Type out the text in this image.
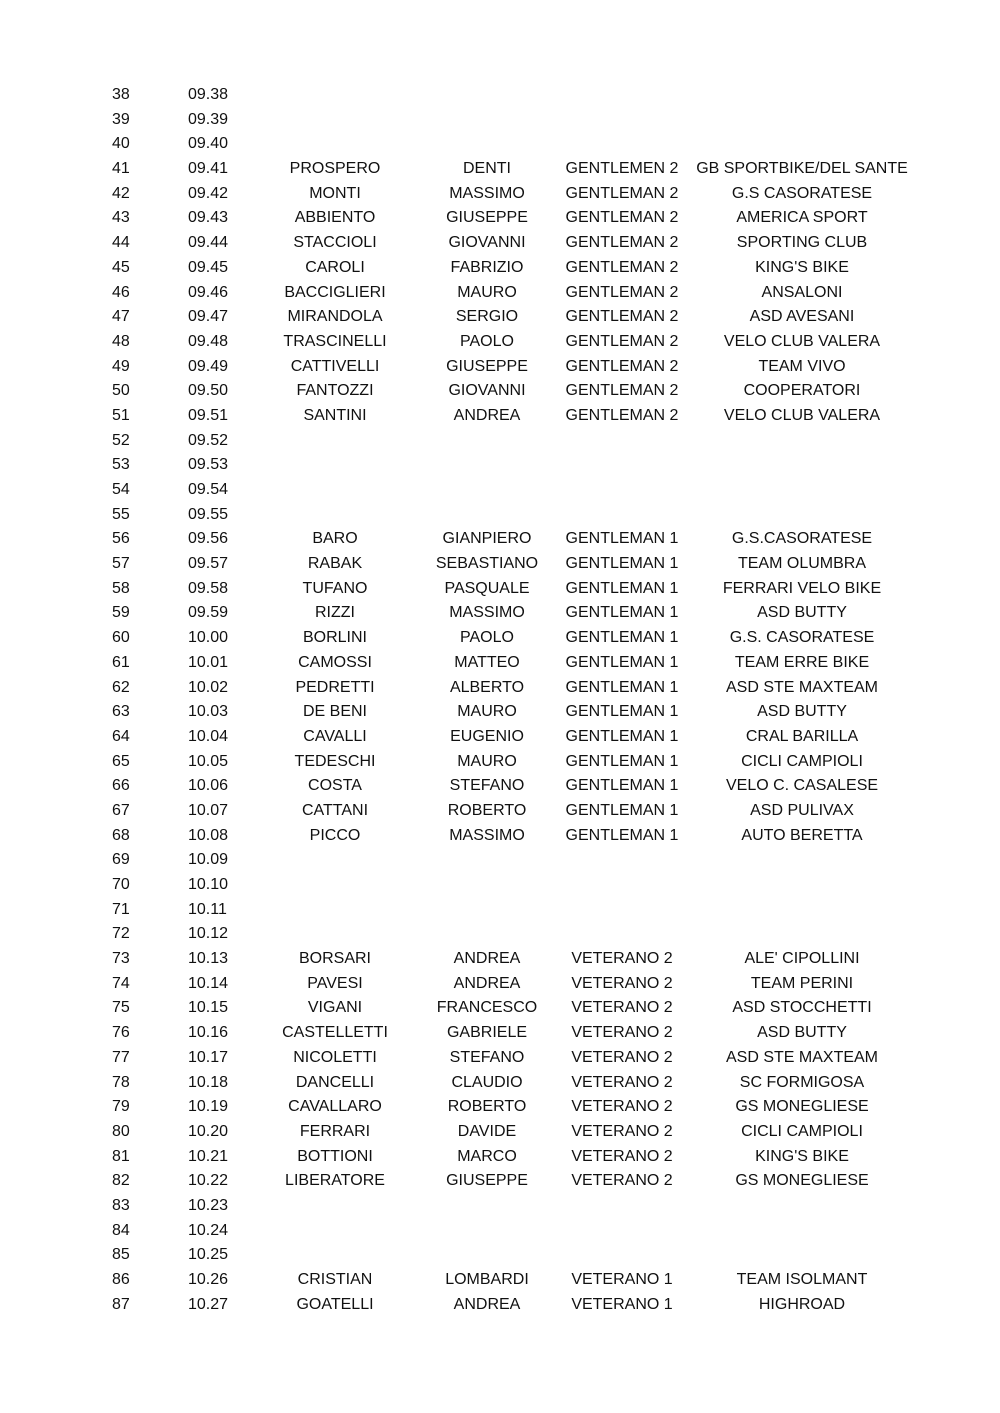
38	09.38
39	09.39
40	09.40
41	09.41	PROSPERO	DENTI	GENTLEMEN 2	GB SPORTBIKE/DEL SANTE
42	09.42	MONTI	MASSIMO	GENTLEMAN 2	G.S CASORATESE
43	09.43	ABBIENTO	GIUSEPPE	GENTLEMAN 2	AMERICA SPORT
44	09.44	STACCIOLI	GIOVANNI	GENTLEMAN 2	SPORTING CLUB
45	09.45	CAROLI	FABRIZIO	GENTLEMAN 2	KING'S BIKE
46	09.46	BACCIGLIERI	MAURO	GENTLEMAN 2	ANSALONI
47	09.47	MIRANDOLA	SERGIO	GENTLEMAN 2	ASD AVESANI
48	09.48	TRASCINELLI	PAOLO	GENTLEMAN 2	VELO CLUB VALERA
49	09.49	CATTIVELLI	GIUSEPPE	GENTLEMAN 2	TEAM VIVO
50	09.50	FANTOZZI	GIOVANNI	GENTLEMAN 2	COOPERATORI
51	09.51	SANTINI	ANDREA	GENTLEMAN 2	VELO CLUB VALERA
52	09.52
53	09.53
54	09.54
55	09.55
56	09.56	BARO	GIANPIERO	GENTLEMAN 1	G.S.CASORATESE
57	09.57	RABAK	SEBASTIANO	GENTLEMAN 1	TEAM OLUMBRA
58	09.58	TUFANO	PASQUALE	GENTLEMAN 1	FERRARI VELO BIKE
59	09.59	RIZZI	MASSIMO	GENTLEMAN 1	ASD BUTTY
60	10.00	BORLINI	PAOLO	GENTLEMAN 1	G.S. CASORATESE
61	10.01	CAMOSSI	MATTEO	GENTLEMAN 1	TEAM ERRE BIKE
62	10.02	PEDRETTI	ALBERTO	GENTLEMAN 1	ASD STE MAXTEAM
63	10.03	DE BENI	MAURO	GENTLEMAN 1	ASD BUTTY
64	10.04	CAVALLI	EUGENIO	GENTLEMAN 1	CRAL BARILLA
65	10.05	TEDESCHI	MAURO	GENTLEMAN 1	CICLI CAMPIOLI
66	10.06	COSTA	STEFANO	GENTLEMAN 1	VELO C. CASALESE
67	10.07	CATTANI	ROBERTO	GENTLEMAN 1	ASD PULIVAX
68	10.08	PICCO	MASSIMO	GENTLEMAN 1	AUTO BERETTA
69	10.09
70	10.10
71	10.11
72	10.12
73	10.13	BORSARI	ANDREA	VETERANO 2	ALE' CIPOLLINI
74	10.14	PAVESI	ANDREA	VETERANO 2	TEAM PERINI
75	10.15	VIGANI	FRANCESCO	VETERANO 2	ASD STOCCHETTI
76	10.16	CASTELLETTI	GABRIELE	VETERANO 2	ASD BUTTY
77	10.17	NICOLETTI	STEFANO	VETERANO 2	ASD STE MAXTEAM
78	10.18	DANCELLI	CLAUDIO	VETERANO 2	SC FORMIGOSA
79	10.19	CAVALLARO	ROBERTO	VETERANO 2	GS MONEGLIESE
80	10.20	FERRARI	DAVIDE	VETERANO 2	CICLI CAMPIOLI
81	10.21	BOTTIONI	MARCO	VETERANO 2	KING'S BIKE
82	10.22	LIBERATORE	GIUSEPPE	VETERANO 2	GS MONEGLIESE
83	10.23
84	10.24
85	10.25
86	10.26	CRISTIAN	LOMBARDI	VETERANO 1	TEAM ISOLMANT
87	10.27	GOATELLI	ANDREA	VETERANO 1	HIGHROAD
